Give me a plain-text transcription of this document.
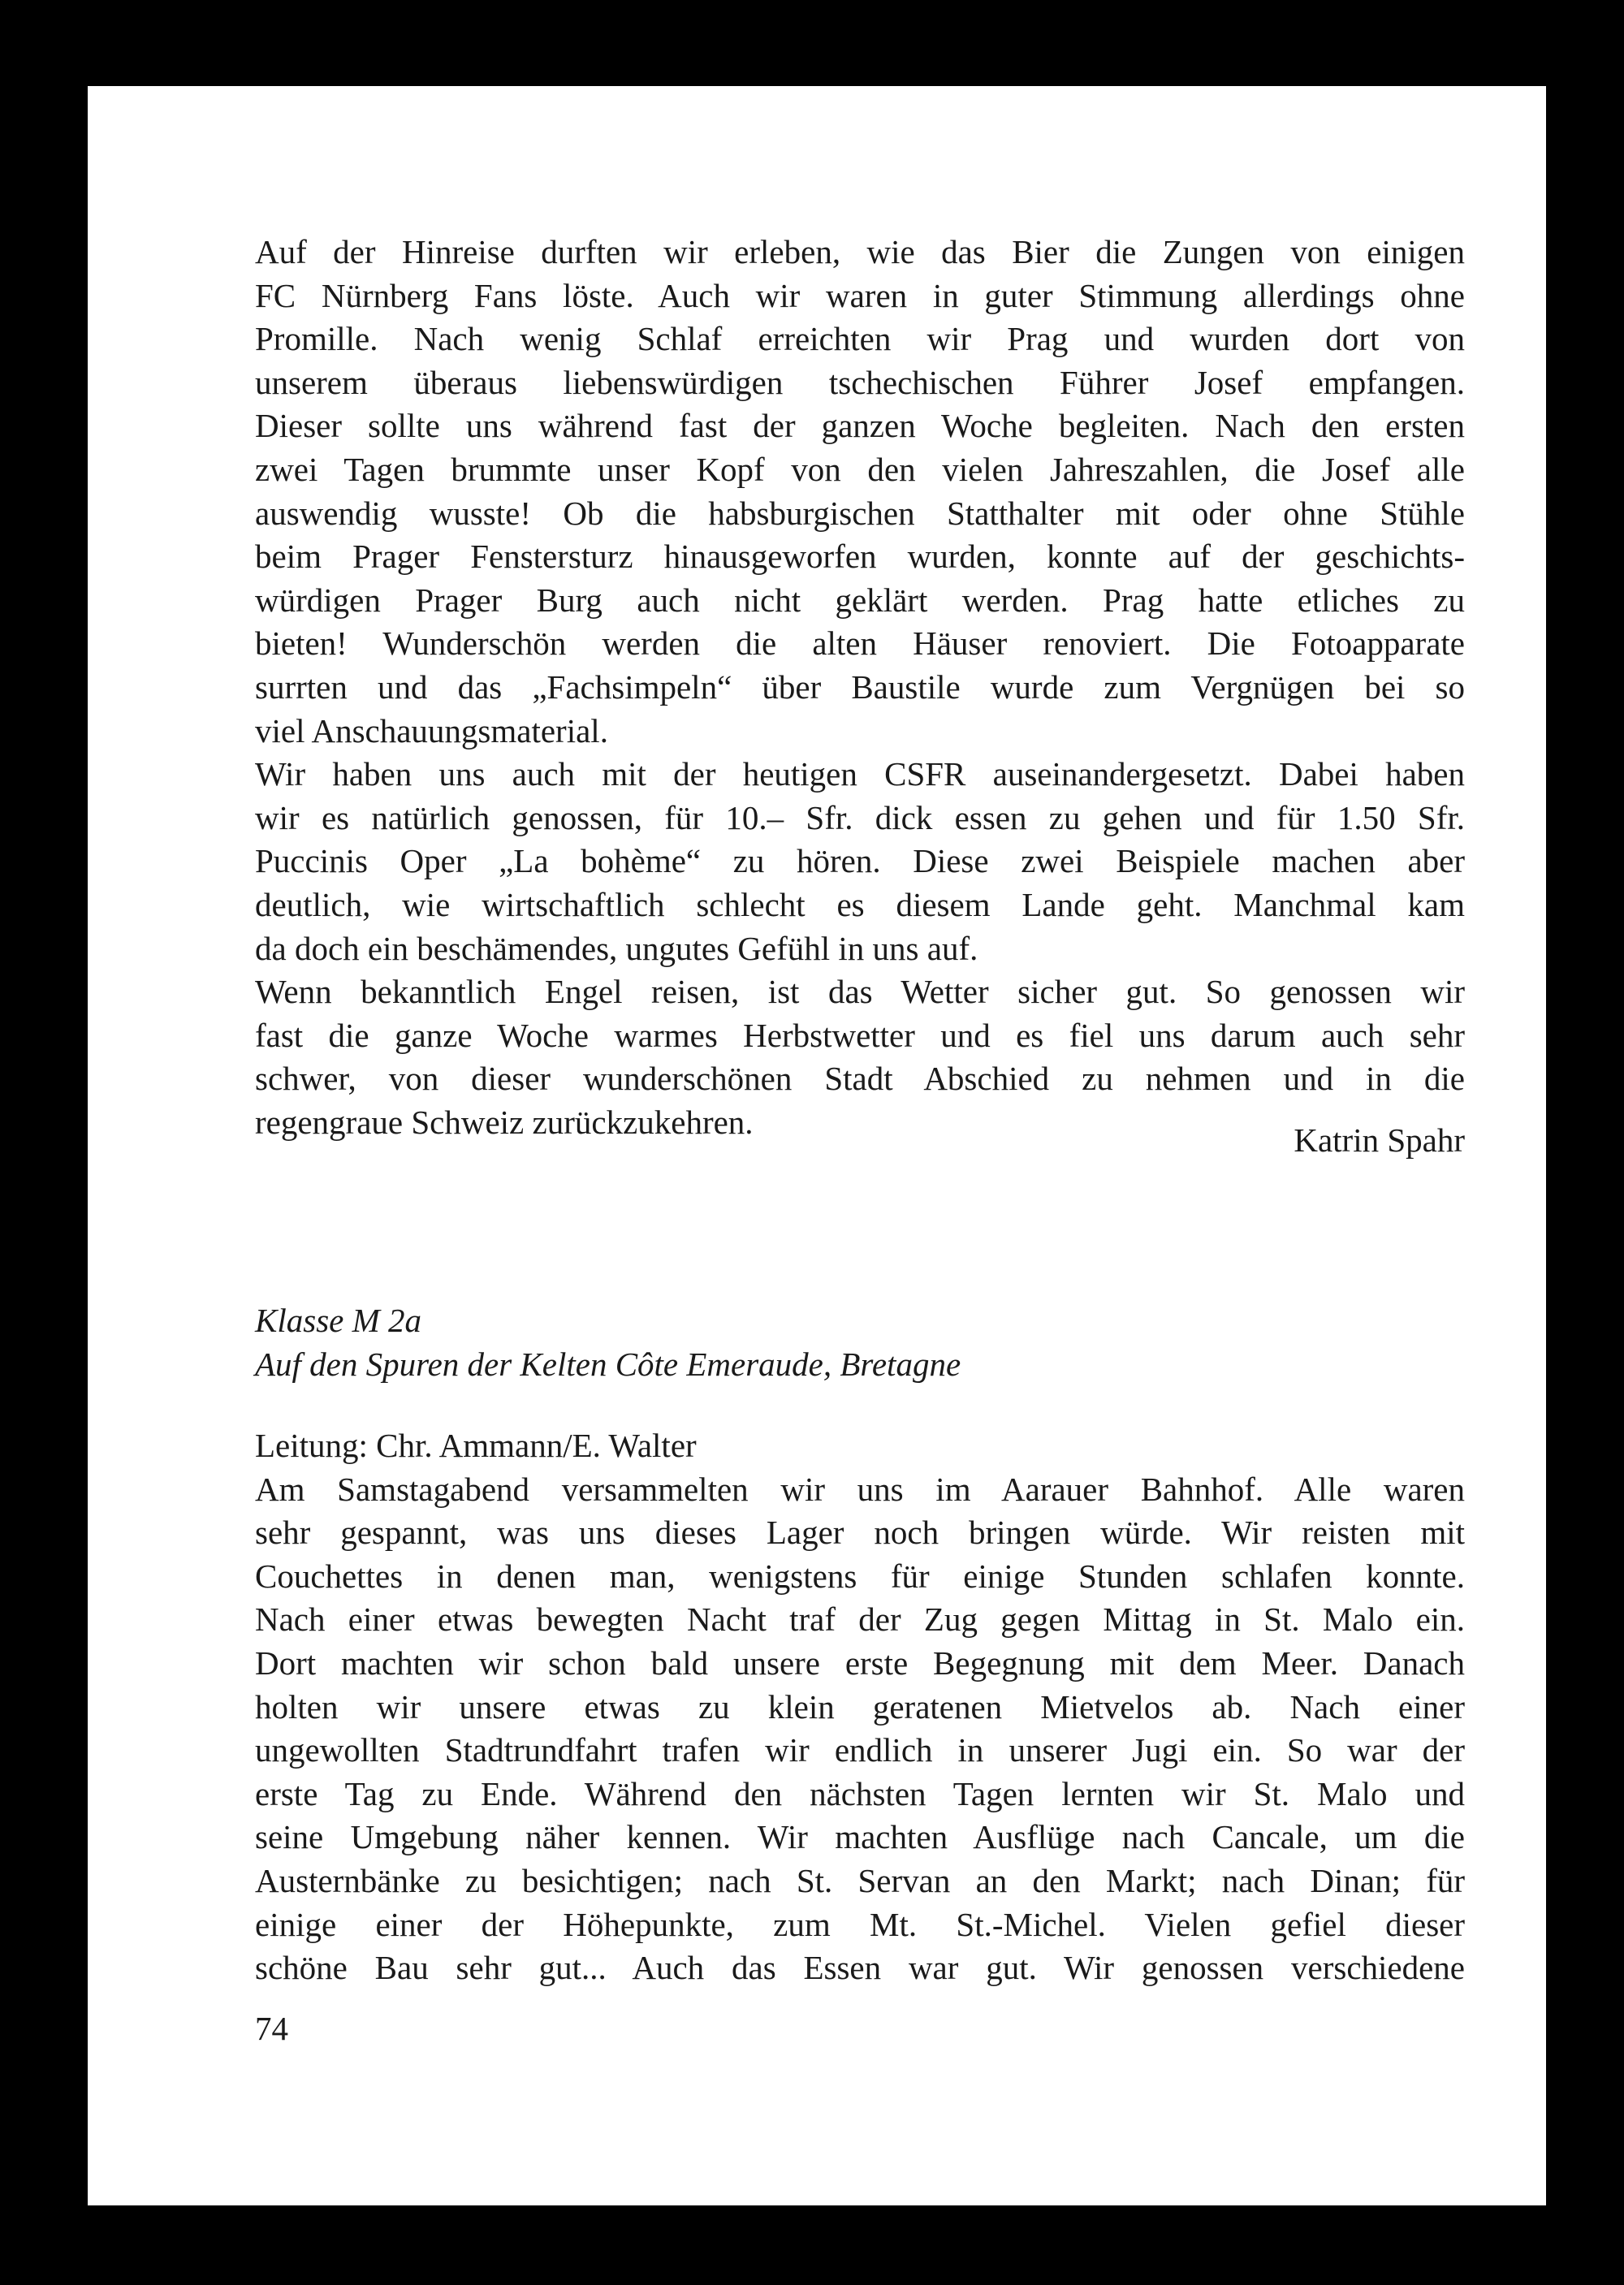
Auf der Hinreise durften wir erleben, wie das Bier die Zungen von einigen
FC Nürnberg Fans löste. Auch wir waren in guter Stimmung allerdings ohne
Promille. Nach wenig Schlaf erreichten wir Prag und wurden dort von
unserem überaus liebenswürdigen tschechischen Führer Josef empfangen.
Dieser sollte uns während fast der ganzen Woche begleiten. Nach den ersten
zwei Tagen brummte unser Kopf von den vielen Jahreszahlen, die Josef alle
auswendig wusste! Ob die habsburgischen Statthalter mit oder ohne Stühle
beim Prager Fenstersturz hinausgeworfen wurden, konnte auf der geschichts-
würdigen Prager Burg auch nicht geklärt werden. Prag hatte etliches zu
bieten! Wunderschön werden die alten Häuser renoviert. Die Fotoapparate
surrten und das „Fachsimpeln“ über Baustile wurde zum Vergnügen bei so
viel Anschauungsmaterial.
Wir haben uns auch mit der heutigen CSFR auseinandergesetzt. Dabei haben
wir es natürlich genossen, für 10.– Sfr. dick essen zu gehen und für 1.50 Sfr.
Puccinis Oper „La bohème“ zu hören. Diese zwei Beispiele machen aber
deutlich, wie wirtschaftlich schlecht es diesem Lande geht. Manchmal kam
da doch ein beschämendes, ungutes Gefühl in uns auf.
Wenn bekanntlich Engel reisen, ist das Wetter sicher gut. So genossen wir
fast die ganze Woche warmes Herbstwetter und es fiel uns darum auch sehr
schwer, von dieser wunderschönen Stadt Abschied zu nehmen und in die
regengraue Schweiz zurückzukehren.	Katrin Spahr
Klasse M 2a
Auf den Spuren der Kelten Côte Emeraude, Bretagne
Leitung: Chr. Ammann/E. Walter
Am Samstagabend versammelten wir uns im Aarauer Bahnhof. Alle waren
sehr gespannt, was uns dieses Lager noch bringen würde. Wir reisten mit
Couchettes in denen man, wenigstens für einige Stunden schlafen konnte.
Nach einer etwas bewegten Nacht traf der Zug gegen Mittag in St. Malo ein.
Dort machten wir schon bald unsere erste Begegnung mit dem Meer. Danach
holten wir unsere etwas zu klein geratenen Mietvelos ab. Nach einer
ungewollten Stadtrundfahrt trafen wir endlich in unserer Jugi ein. So war der
erste Tag zu Ende. Während den nächsten Tagen lernten wir St. Malo und
seine Umgebung näher kennen. Wir machten Ausflüge nach Cancale, um die
Austernbänke zu besichtigen; nach St. Servan an den Markt; nach Dinan; für
einige einer der Höhepunkte, zum Mt. St.-Michel. Vielen gefiel dieser
schöne Bau sehr gut... Auch das Essen war gut. Wir genossen verschiedene
74
